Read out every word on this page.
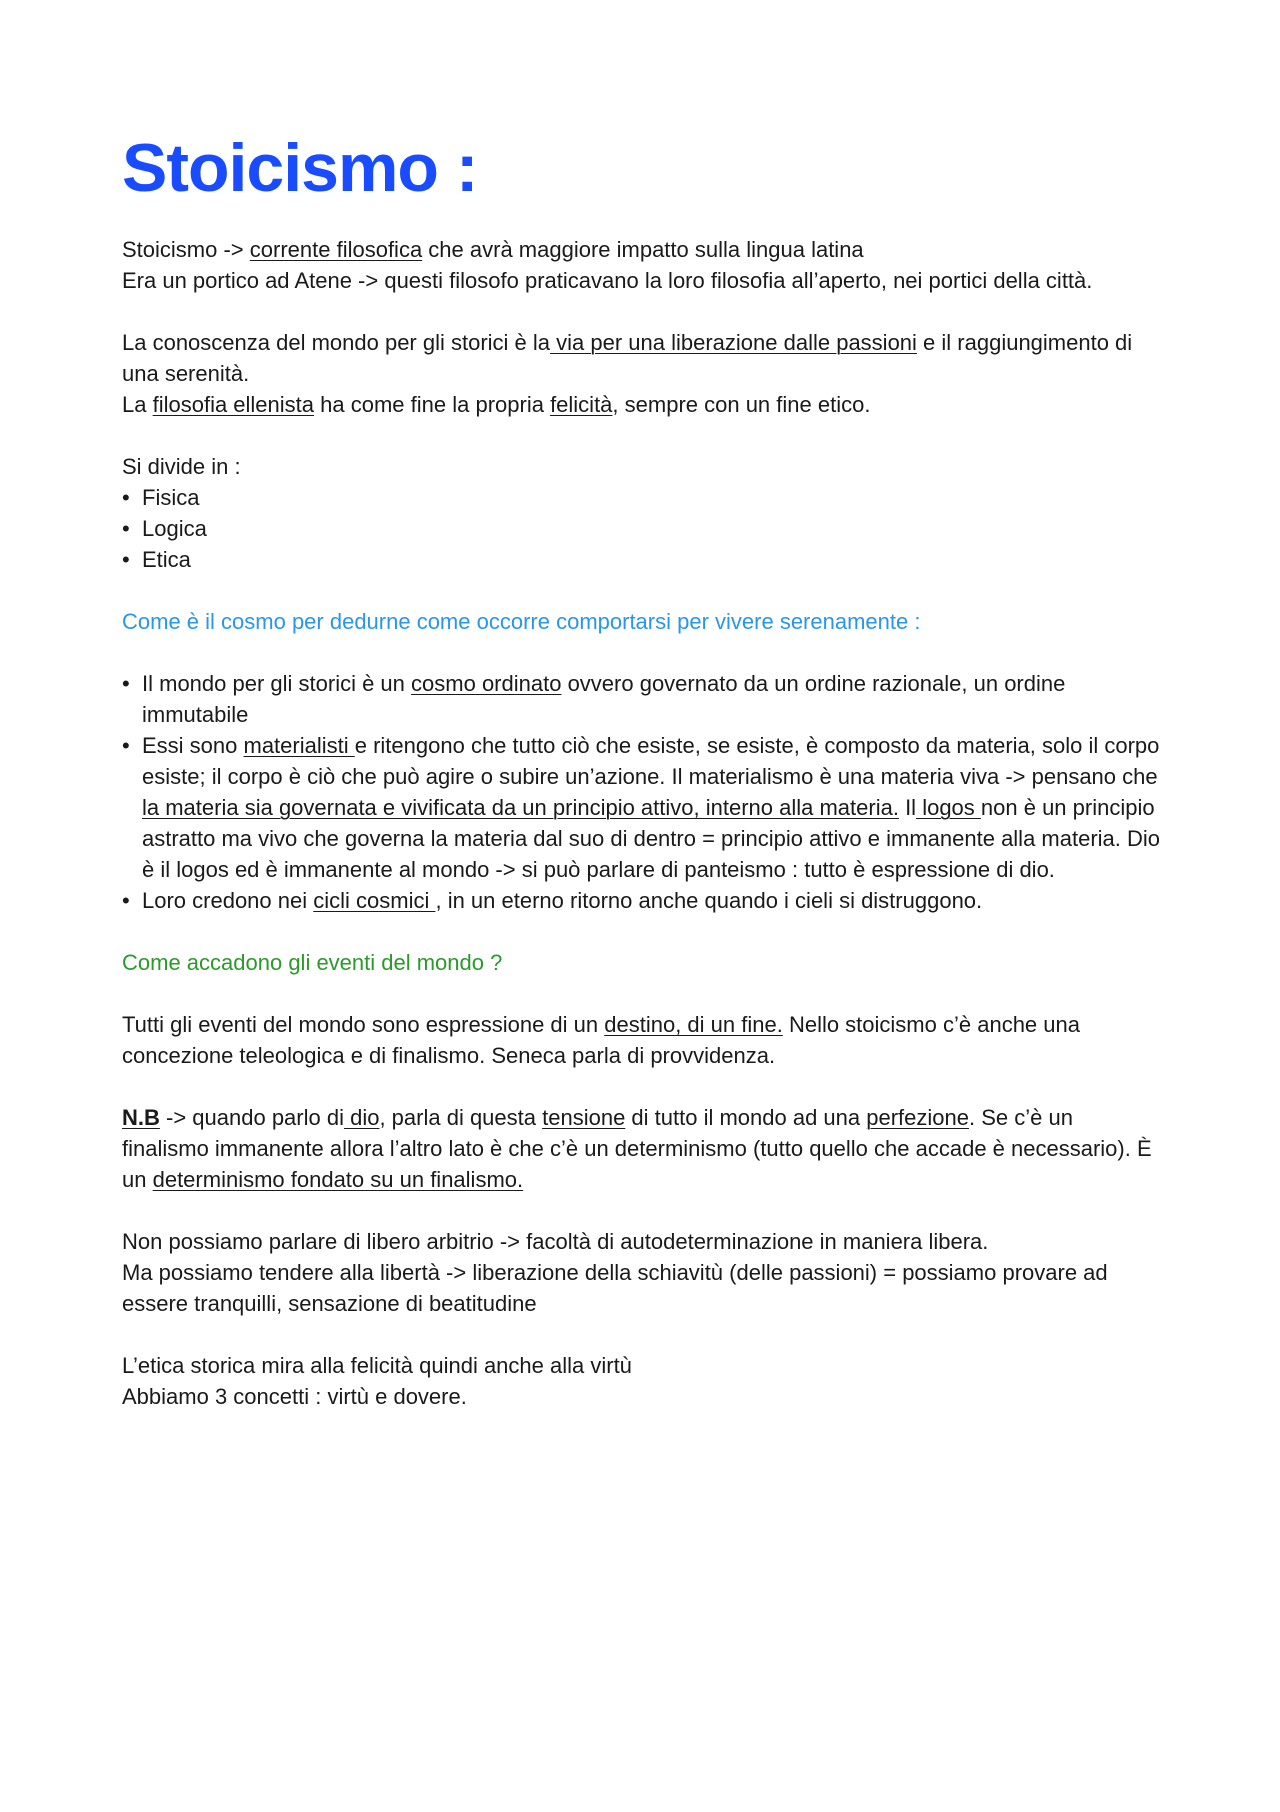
Stoicismo :

Stoicismo -> corrente filosofica che avrà maggiore impatto sulla lingua latina

Era un portico ad Atene -> questi filosofo praticavano la loro filosofia all’aperto, nei portici della città.

La conoscenza del mondo per gli storici è la via per una liberazione dalle passioni e il raggiungimento di una serenità.

La filosofia ellenista ha come fine la propria felicità, sempre con un fine etico.

Si divide in :

• Fisica
• Logica
• Etica

Come è il cosmo per dedurne come occorre comportarsi per vivere serenamente :

• Il mondo per gli storici è un cosmo ordinato ovvero governato da un ordine razionale, un ordine immutabile
• Essi sono materialisti e ritengono che tutto ciò che esiste, se esiste, è composto da materia, solo il corpo esiste; il corpo è ciò che può agire o subire un’azione. Il materialismo è una materia viva -> pensano che la materia sia governata e vivificata da un principio attivo, interno alla materia. Il logos non è un principio astratto ma vivo che governa la materia dal suo di dentro = principio attivo e immanente alla materia. Dio è il logos ed è immanente al mondo -> si può parlare di panteismo : tutto è espressione di dio.
• Loro credono nei cicli cosmici , in un eterno ritorno anche quando i cieli si distruggono.

Come accadono gli eventi del mondo ?

Tutti gli eventi del mondo sono espressione di un destino, di un fine. Nello stoicismo c’è anche una concezione teleologica e di finalismo. Seneca parla di provvidenza.

N.B -> quando parlo di dio, parla di questa tensione di tutto il mondo ad una perfezione. Se c’è un finalismo immanente allora l’altro lato è che c’è un determinismo (tutto quello che accade è necessario). È un determinismo fondato su un finalismo.

Non possiamo parlare di libero arbitrio -> facoltà di autodeterminazione in maniera libera.

Ma possiamo tendere alla libertà -> liberazione della schiavitù (delle passioni) = possiamo provare ad essere tranquilli, sensazione di beatitudine

L’etica storica mira alla felicità quindi anche alla virtù

Abbiamo 3 concetti : virtù e dovere.
